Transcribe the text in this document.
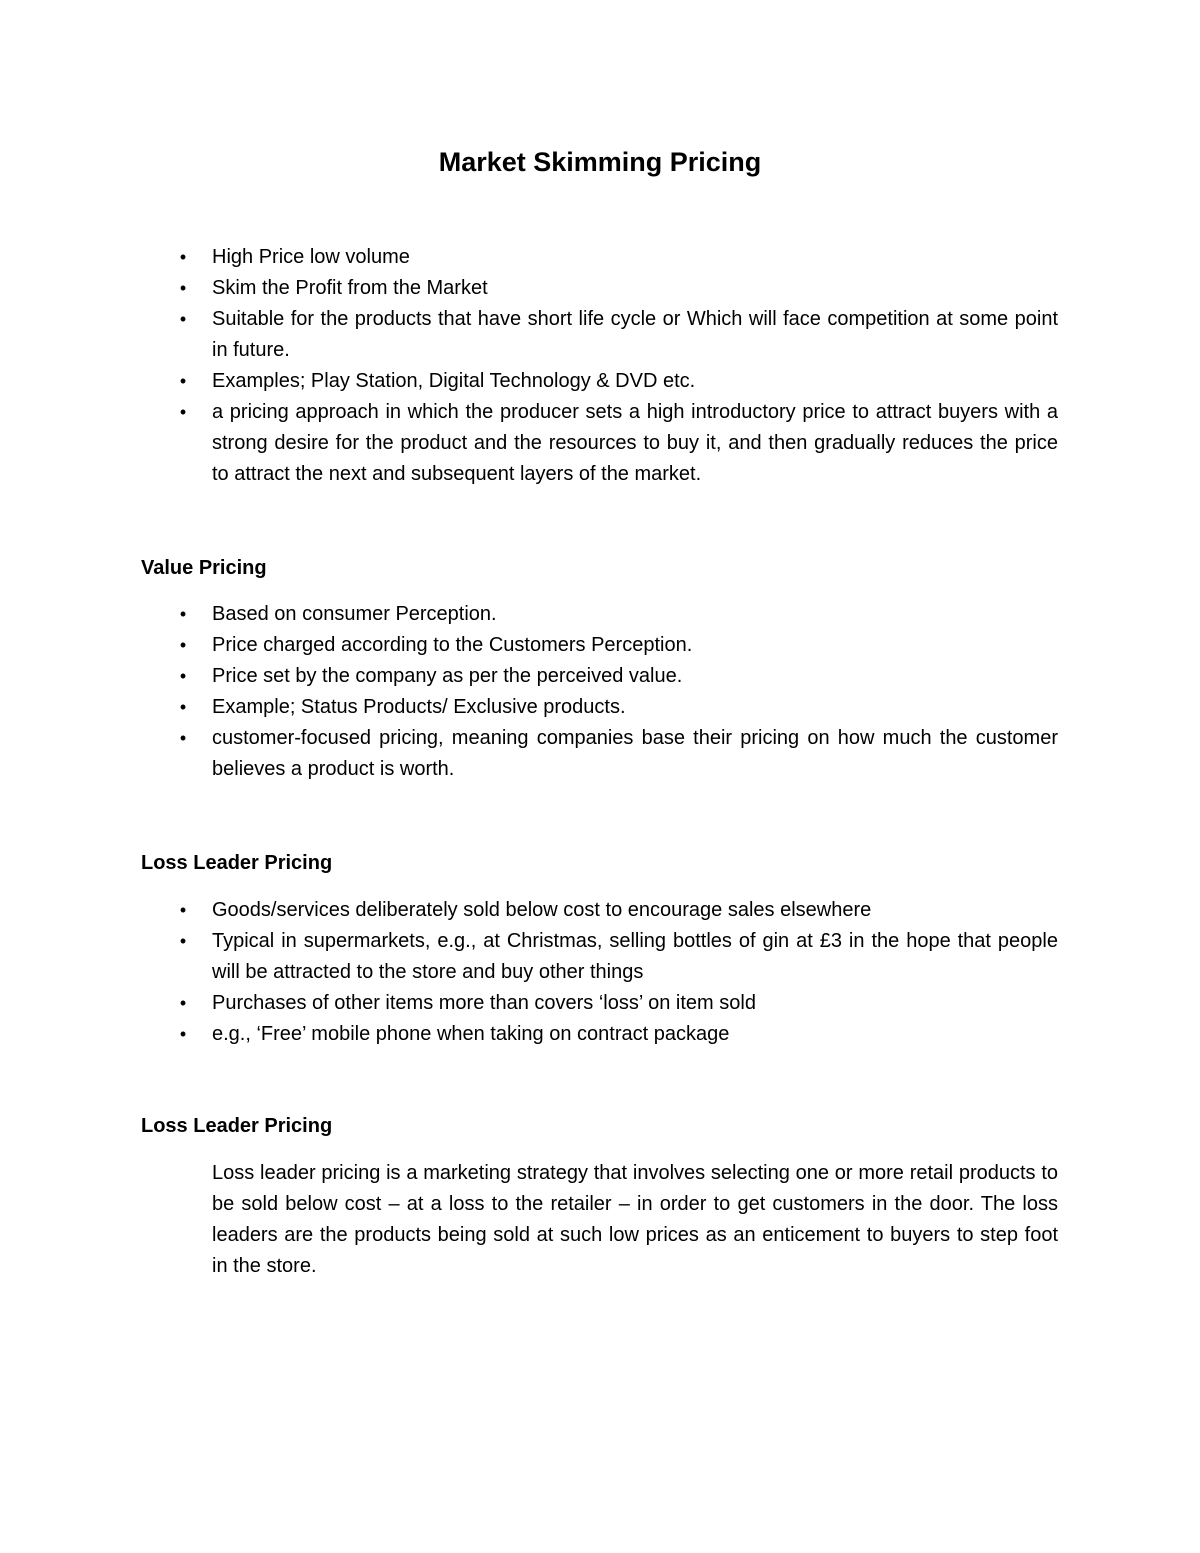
Market Skimming Pricing
• High Price low volume
• Skim the Profit from the Market
• Suitable for the products that have short life cycle or Which will face competition at some point in future.
• Examples; Play Station, Digital Technology & DVD etc.
• a pricing approach in which the producer sets a high introductory price to attract buyers with a strong desire for the product and the resources to buy it, and then gradually reduces the price to attract the next and subsequent layers of the market.
Value Pricing
• Based on consumer Perception.
• Price charged according to the Customers Perception.
• Price set by the company as per the perceived value.
• Example; Status Products/ Exclusive products.
• customer-focused pricing, meaning companies base their pricing on how much the customer believes a product is worth.
Loss Leader Pricing
• Goods/services deliberately sold below cost to encourage sales elsewhere
• Typical in supermarkets, e.g., at Christmas, selling bottles of gin at £3 in the hope that people will be attracted to the store and buy other things
• Purchases of other items more than covers ‘loss’ on item sold
• e.g., ‘Free’ mobile phone when taking on contract package
Loss Leader Pricing

Loss leader pricing is a marketing strategy that involves selecting one or more retail products to be sold below cost – at a loss to the retailer – in order to get customers in the door. The loss leaders are the products being sold at such low prices as an enticement to buyers to step foot in the store.
